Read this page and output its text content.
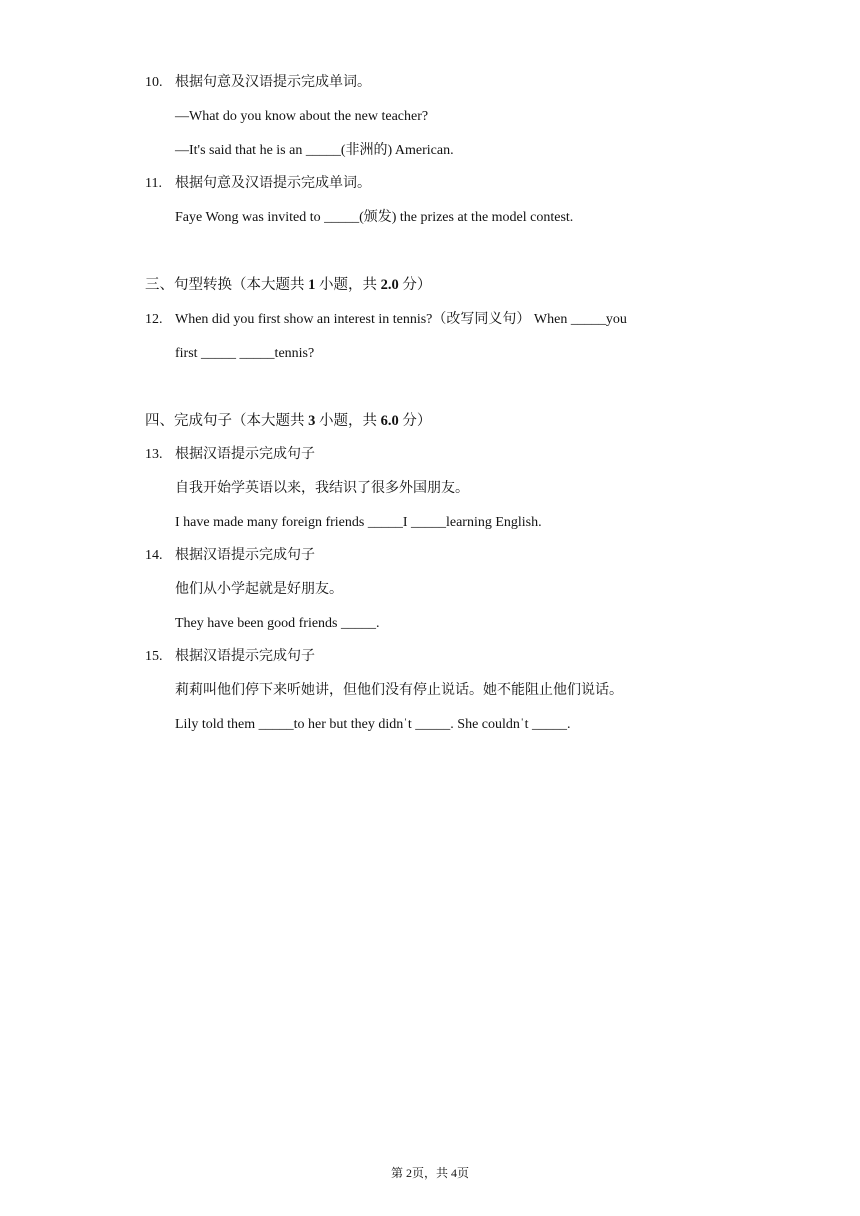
10. 根据句意及汉语提示完成单词。
—What do you know about the new teacher?
—It's said that he is an _____(非洲的) American.
11. 根据句意及汉语提示完成单词。
Faye Wong was invited to _____(颁发) the prizes at the model contest.
三、句型转换（本大题共 1 小题，共 2.0 分）
12. When did you first show an interest in tennis?（改写同义句） When _____you
first _____ _____tennis?
四、完成句子（本大题共 3 小题，共 6.0 分）
13. 根据汉语提示完成句子
自我开始学英语以来，我结识了很多外国朋友。
I have made many foreign friends _____I _____learning English.
14. 根据汉语提示完成句子
他们从小学起就是好朋友。
They have been good friends _____.
15. 根据汉语提示完成句子
莉莉叫他们停下来听她讲，但他们没有停止说话。她不能阻止他们说话。
Lily told them _____to her but they didnˈt _____. She couldnˈt _____.
第 2页，共 4页
